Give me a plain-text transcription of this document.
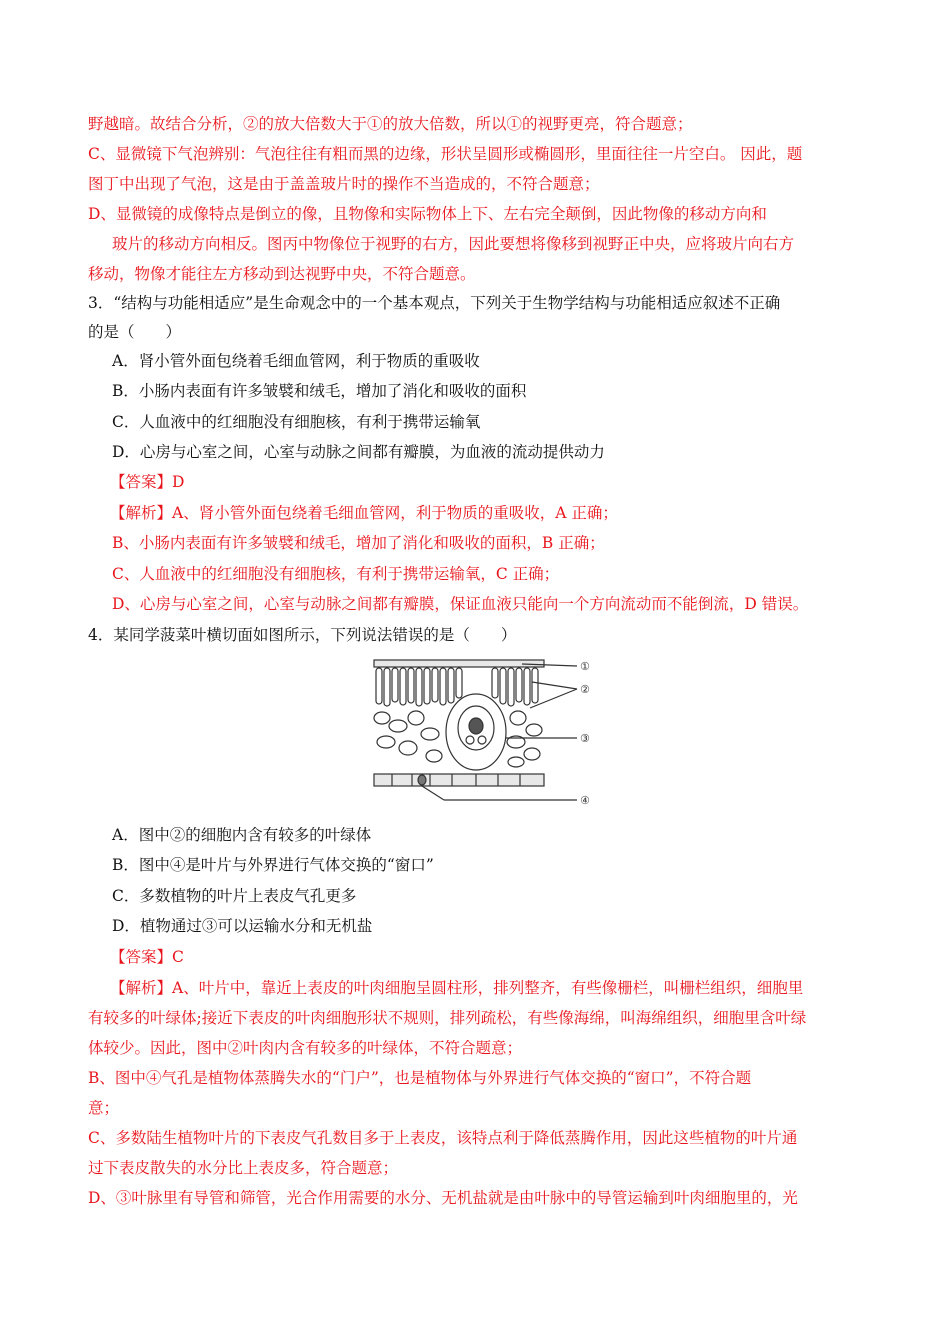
野越暗。故结合分析，②的放大倍数大于①的放大倍数，所以①的视野更亮，符合题意；
C、显微镜下气泡辨别：气泡往往有粗而黑的边缘，形状呈圆形或椭圆形，里面往往一片空白。 因此，题
图丁中出现了气泡，这是由于盖盖玻片时的操作不当造成的，不符合题意；
D、显微镜的成像特点是倒立的像，且物像和实际物体上下、左右完全颠倒，因此物像的移动方向和
玻片的移动方向相反。图丙中物像位于视野的右方，因此要想将像移到视野正中央，应将玻片向右方
移动，物像才能往左方移动到达视野中央，不符合题意。
3．“结构与功能相适应”是生命观念中的一个基本观点，下列关于生物学结构与功能相适应叙述不正确
的是（　　）
A．肾小管外面包绕着毛细血管网，利于物质的重吸收
B．小肠内表面有许多皱襞和绒毛，增加了消化和吸收的面积
C．人血液中的红细胞没有细胞核，有利于携带运输氧
D．心房与心室之间，心室与动脉之间都有瓣膜，为血液的流动提供动力
【答案】D
【解析】A、肾小管外面包绕着毛细血管网，利于物质的重吸收，A 正确；
B、小肠内表面有许多皱襞和绒毛，增加了消化和吸收的面积，B 正确；
C、人血液中的红细胞没有细胞核，有利于携带运输氧，C 正确；
D、心房与心室之间，心室与动脉之间都有瓣膜，保证血液只能向一个方向流动而不能倒流，D 错误。
4．某同学菠菜叶横切面如图所示，下列说法错误的是（　　）
①
②
③
④
A．图中②的细胞内含有较多的叶绿体
B．图中④是叶片与外界进行气体交换的“窗口”
C．多数植物的叶片上表皮气孔更多
D．植物通过③可以运输水分和无机盐
【答案】C
【解析】A、叶片中，靠近上表皮的叶肉细胞呈圆柱形，排列整齐，有些像栅栏，叫栅栏组织，细胞里
有较多的叶绿体;接近下表皮的叶肉细胞形状不规则，排列疏松，有些像海绵，叫海绵组织，细胞里含叶绿
体较少。因此，图中②叶肉内含有较多的叶绿体，不符合题意；
B、图中④气孔是植物体蒸腾失水的“门户”，也是植物体与外界进行气体交换的“窗口”，不符合题
意；
C、多数陆生植物叶片的下表皮气孔数目多于上表皮，该特点利于降低蒸腾作用，因此这些植物的叶片通
过下表皮散失的水分比上表皮多，符合题意；
D、③叶脉里有导管和筛管，光合作用需要的水分、无机盐就是由叶脉中的导管运输到叶肉细胞里的，光
